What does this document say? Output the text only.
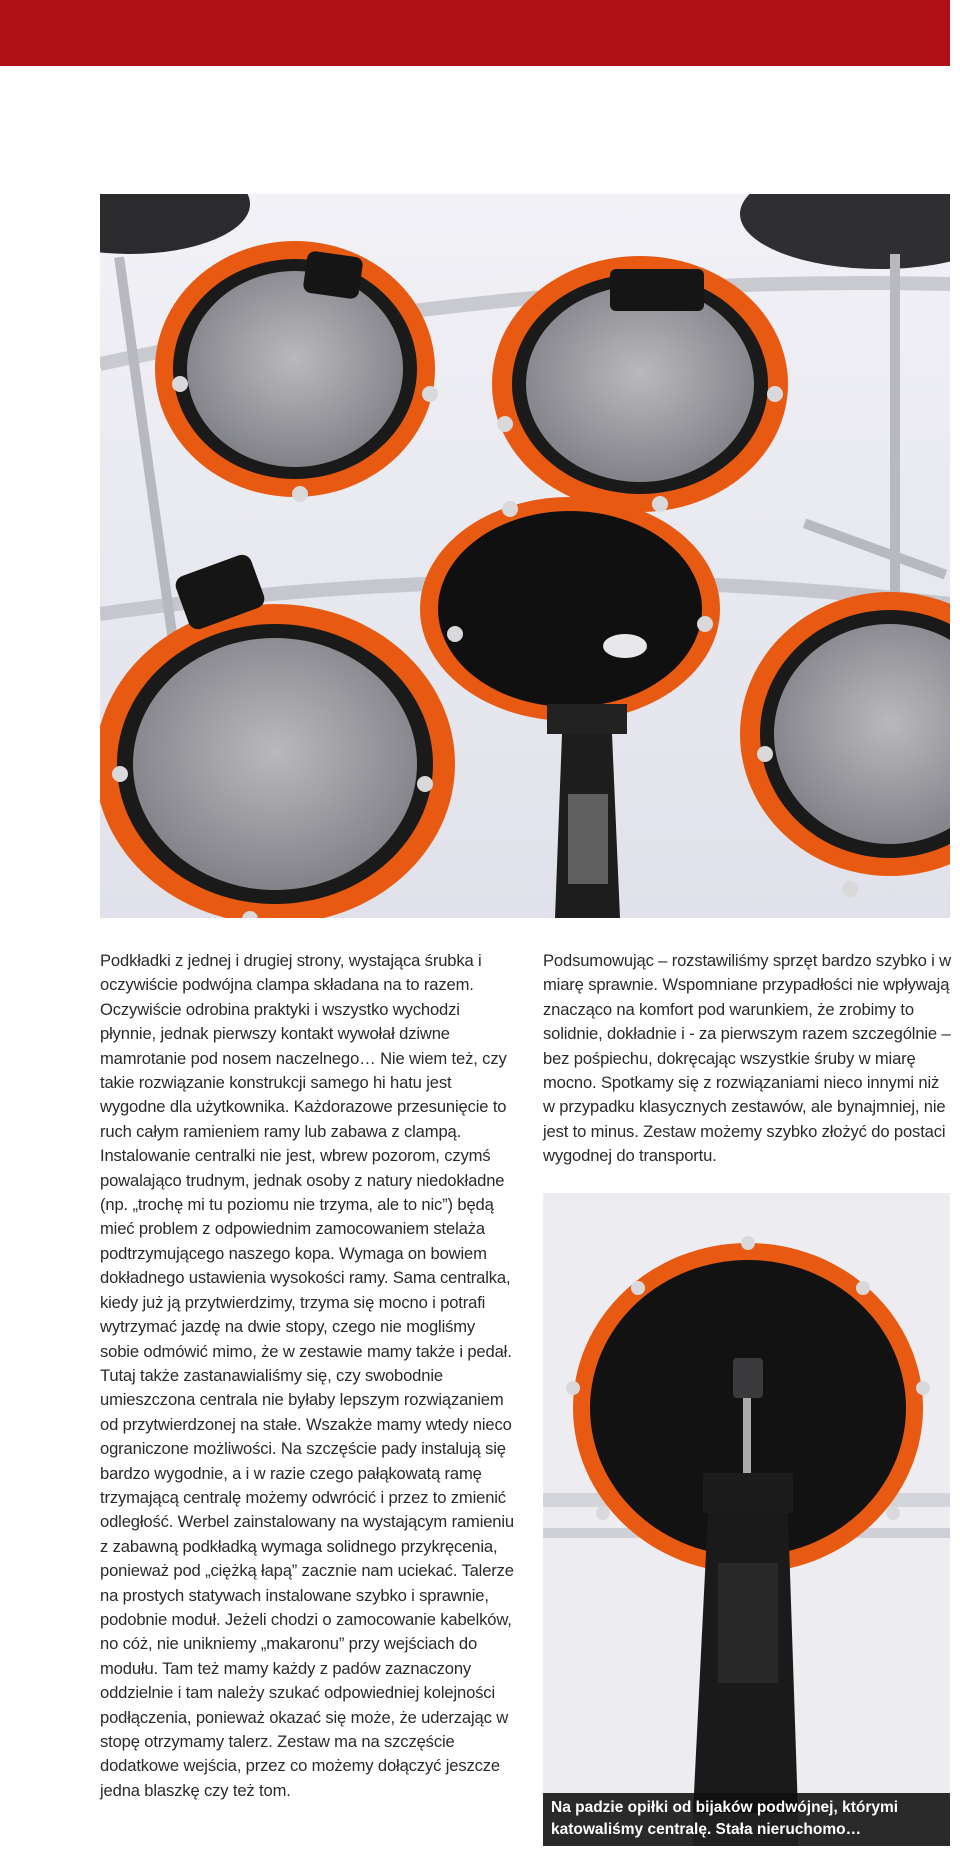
Podkładki z jednej i drugiej strony, wystająca śrubka i oczywiście podwójna clampa składana na to razem. Oczywiście odrobina praktyki i wszystko wychodzi płynnie, jednak pierwszy kontakt wywołał dziwne mamrotanie pod nosem naczelnego… Nie wiem też, czy takie rozwiązanie konstrukcji samego hi hatu jest wygodne dla użytkownika. Każdorazowe przesunięcie to ruch całym ramieniem ramy lub zabawa z clampą. Instalowanie centralki nie jest, wbrew pozorom, czymś powalająco trudnym, jednak osoby z natury niedokładne (np. „trochę mi tu poziomu nie trzyma, ale to nic”) będą mieć problem z odpowiednim zamocowaniem stelaża podtrzymującego naszego kopa. Wymaga on bowiem dokładnego ustawienia wysokości ramy. Sama centralka, kiedy już ją przytwierdzimy, trzyma się mocno i potrafi wytrzymać jazdę na dwie stopy, czego nie mogliśmy sobie odmówić mimo, że w zestawie mamy także i pedał. Tutaj także zastanawialiśmy się, czy swobodnie umieszczona centrala nie byłaby lepszym rozwiązaniem od przytwierdzonej na stałe. Wszakże mamy wtedy nieco ograniczone możliwości. Na szczęście pady instalują się bardzo wygodnie, a i w razie czego pałąkowatą ramę trzymającą centralę możemy odwrócić i przez to zmienić odległość. Werbel zainstalowany na wystającym ramieniu z zabawną podkładką wymaga solidnego przykręcenia, ponieważ pod „ciężką łapą” zacznie nam uciekać. Talerze na prostych statywach instalowane szybko i sprawnie, podobnie moduł. Jeżeli chodzi o zamocowanie kabelków, no cóż, nie unikniemy „makaronu” przy wejściach do modułu. Tam też mamy każdy z padów zaznaczony oddzielnie i tam należy szukać odpowiedniej kolejności podłączenia, ponieważ okazać się może, że uderzając w stopę otrzymamy talerz. Zestaw ma na szczęście dodatkowe wejścia, przez co możemy dołączyć jeszcze jedna blaszkę czy też tom.

Podsumowując – rozstawiliśmy sprzęt bardzo szybko i w miarę sprawnie. Wspomniane przypadłości nie wpływają znacząco na komfort pod warunkiem, że zrobimy to solidnie, dokładnie i - za pierwszym razem szczególnie – bez pośpiechu, dokręcając wszystkie śruby w miarę mocno. Spotkamy się z rozwiązaniami nieco innymi niż w przypadku klasycznych zestawów, ale bynajmniej, nie jest to minus. Zestaw możemy szybko złożyć do postaci wygodnej do transportu.

Na padzie opiłki od bijaków podwójnej, którymi katowaliśmy centralę. Stała nieruchomo…
